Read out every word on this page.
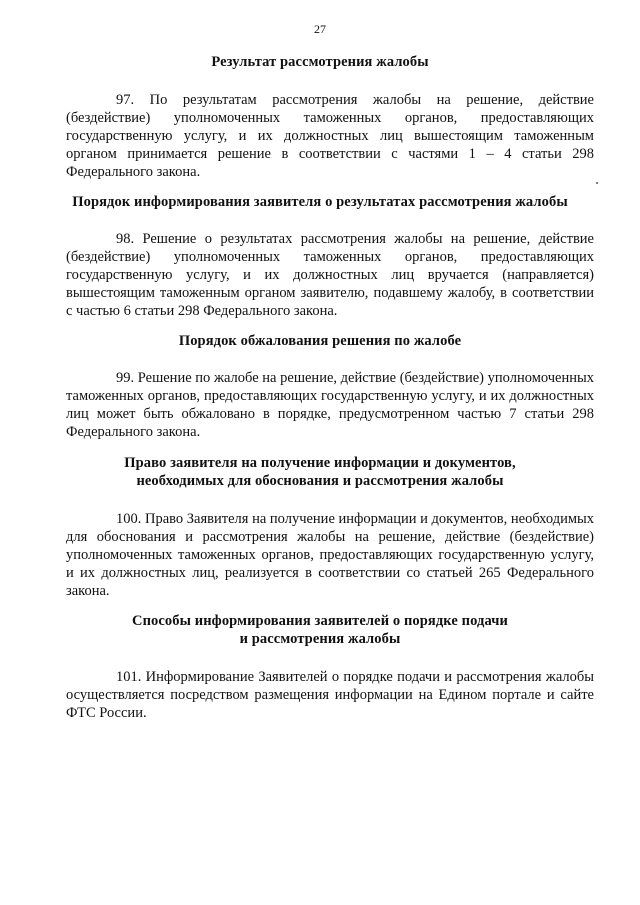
27
Результат рассмотрения жалобы
97. По результатам рассмотрения жалобы на решение, действие (бездействие) уполномоченных таможенных органов, предоставляющих государственную услугу, и их должностных лиц вышестоящим таможенным органом принимается решение в соответствии с частями 1 – 4 статьи 298 Федерального закона.
Порядок информирования заявителя о результатах рассмотрения жалобы
98. Решение о результатах рассмотрения жалобы на решение, действие (бездействие) уполномоченных таможенных органов, предоставляющих государственную услугу, и их должностных лиц вручается (направляется) вышестоящим таможенным органом заявителю, подавшему жалобу, в соответствии с частью 6 статьи 298 Федерального закона.
Порядок обжалования решения по жалобе
99. Решение по жалобе на решение, действие (бездействие) уполномоченных таможенных органов, предоставляющих государственную услугу, и их должностных лиц может быть обжаловано в порядке, предусмотренном частью 7 статьи 298 Федерального закона.
Право заявителя на получение информации и документов,
необходимых для обоснования и рассмотрения жалобы
100. Право Заявителя на получение информации и документов, необходимых для обоснования и рассмотрения жалобы на решение, действие (бездействие) уполномоченных таможенных органов, предоставляющих государственную услугу, и их должностных лиц, реализуется в соответствии со статьей 265 Федерального закона.
Способы информирования заявителей о порядке подачи
и рассмотрения жалобы
101. Информирование Заявителей о порядке подачи и рассмотрения жалобы осуществляется посредством размещения информации на Едином портале и сайте ФТС России.
